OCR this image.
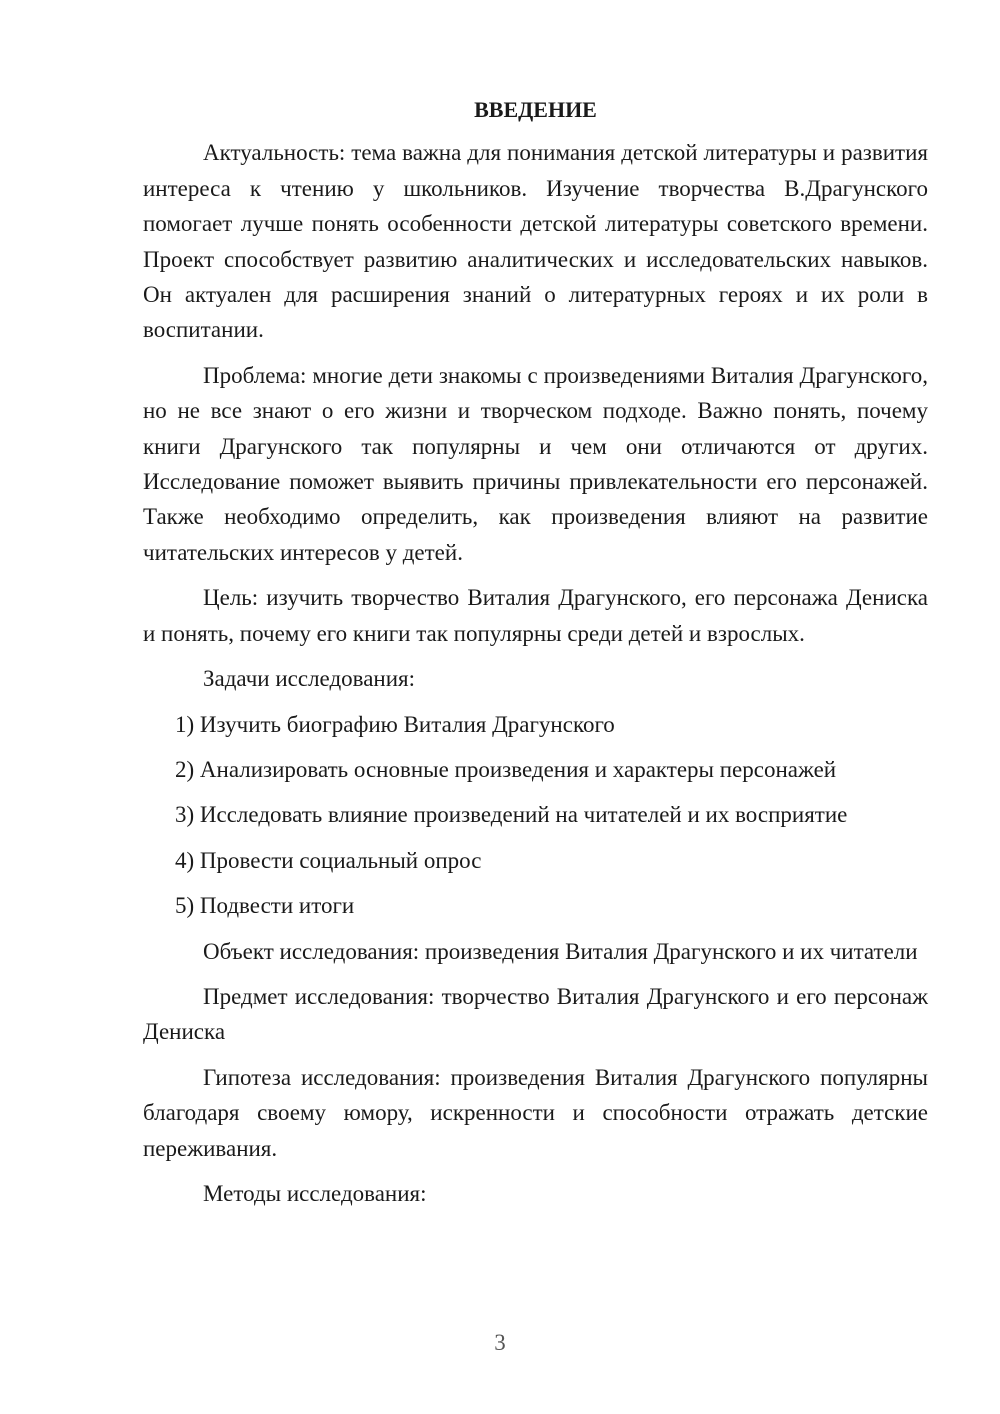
ВВЕДЕНИЕ

Актуальность: тема важна для понимания детской литературы и развития интереса к чтению у школьников. Изучение творчества В.Драгунского помогает лучше понять особенности детской литературы советского времени. Проект способствует развитию аналитических и исследовательских навыков. Он актуален для расширения знаний о литературных героях и их роли в воспитании.

Проблема: многие дети знакомы с произведениями Виталия Драгунского, но не все знают о его жизни и творческом подходе. Важно понять, почему книги Драгунского так популярны и чем они отличаются от других. Исследование поможет выявить причины привлекательности его персонажей. Также необходимо определить, как произведения влияют на развитие читательских интересов у детей.

Цель: изучить творчество Виталия Драгунского, его персонажа Дениска и понять, почему его книги так популярны среди детей и взрослых.

Задачи исследования:

1) Изучить биографию Виталия Драгунского
2) Анализировать основные произведения и характеры персонажей
3) Исследовать влияние произведений на читателей и их восприятие
4) Провести социальный опрос
5) Подвести итоги

Объект исследования: произведения Виталия Драгунского и их читатели

Предмет исследования: творчество Виталия Драгунского и его персонаж Дениска

Гипотеза исследования: произведения Виталия Драгунского популярны благодаря своему юмору, искренности и способности отражать детские переживания.

Методы исследования:

3
